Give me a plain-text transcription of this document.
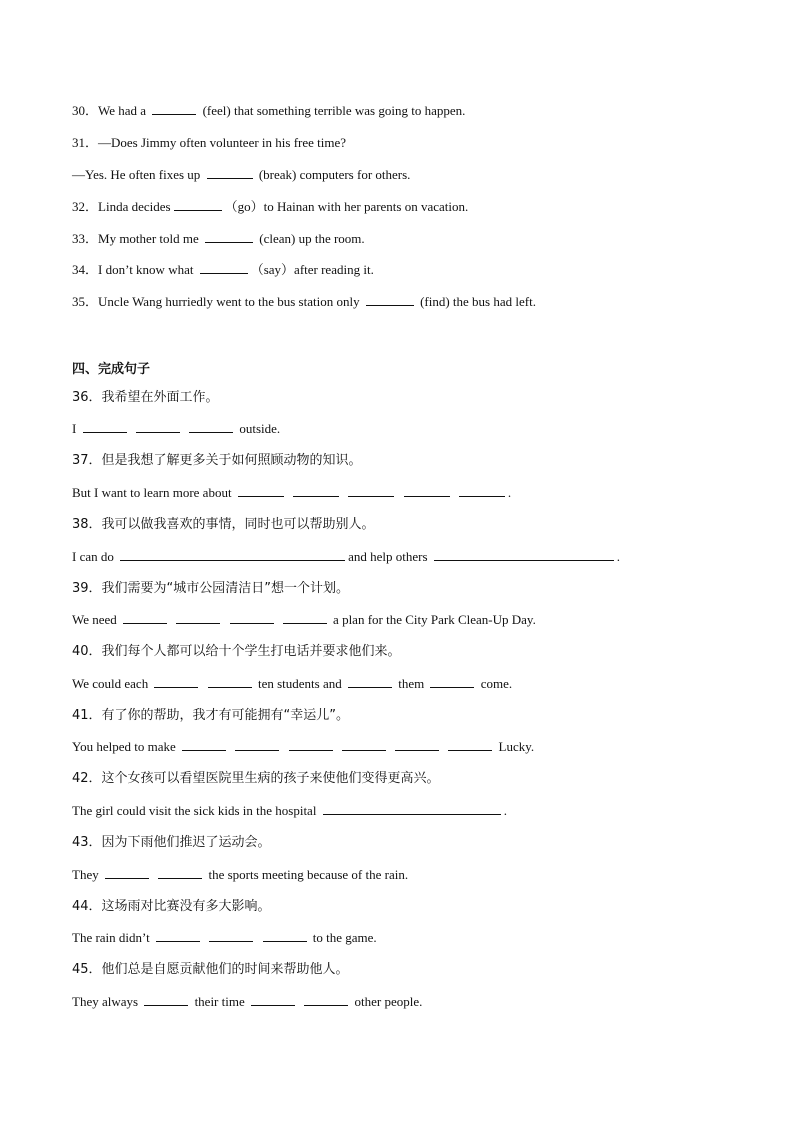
30．We had a	(feel) that something terrible was going to happen.
31．—Does Jimmy often volunteer in his free time?
—Yes. He often fixes up	(break) computers for others.
32．Linda decides	（go）to Hainan with her parents on vacation.
33．My mother told me	(clean) up the room.
34．I don’t know what	（say）after reading it.
35．Uncle Wang hurriedly went to the bus station only	(find) the bus had left.
四、完成句子
36．我希望在外面工作。
I	outside.
37．但是我想了解更多关于如何照顾动物的知识。
But I want to learn more about	.
38．我可以做我喜欢的事情，同时也可以帮助别人。
I can do	and help others	.
39．我们需要为“城市公园清洁日”想一个计划。
We need	a plan for the City Park Clean-Up Day.
40．我们每个人都可以给十个学生打电话并要求他们来。
We could each	ten students and	them	come.
41．有了你的帮助，我才有可能拥有“幸运儿”。
You helped to make	Lucky.
42．这个女孩可以看望医院里生病的孩子来使他们变得更高兴。
The girl could visit the sick kids in the hospital	.
43．因为下雨他们推迟了运动会。
They	the sports meeting because of the rain.
44．这场雨对比赛没有多大影响。
The rain didn’t	to the game.
45．他们总是自愿贡献他们的时间来帮助他人。
They always	their time	other people.
